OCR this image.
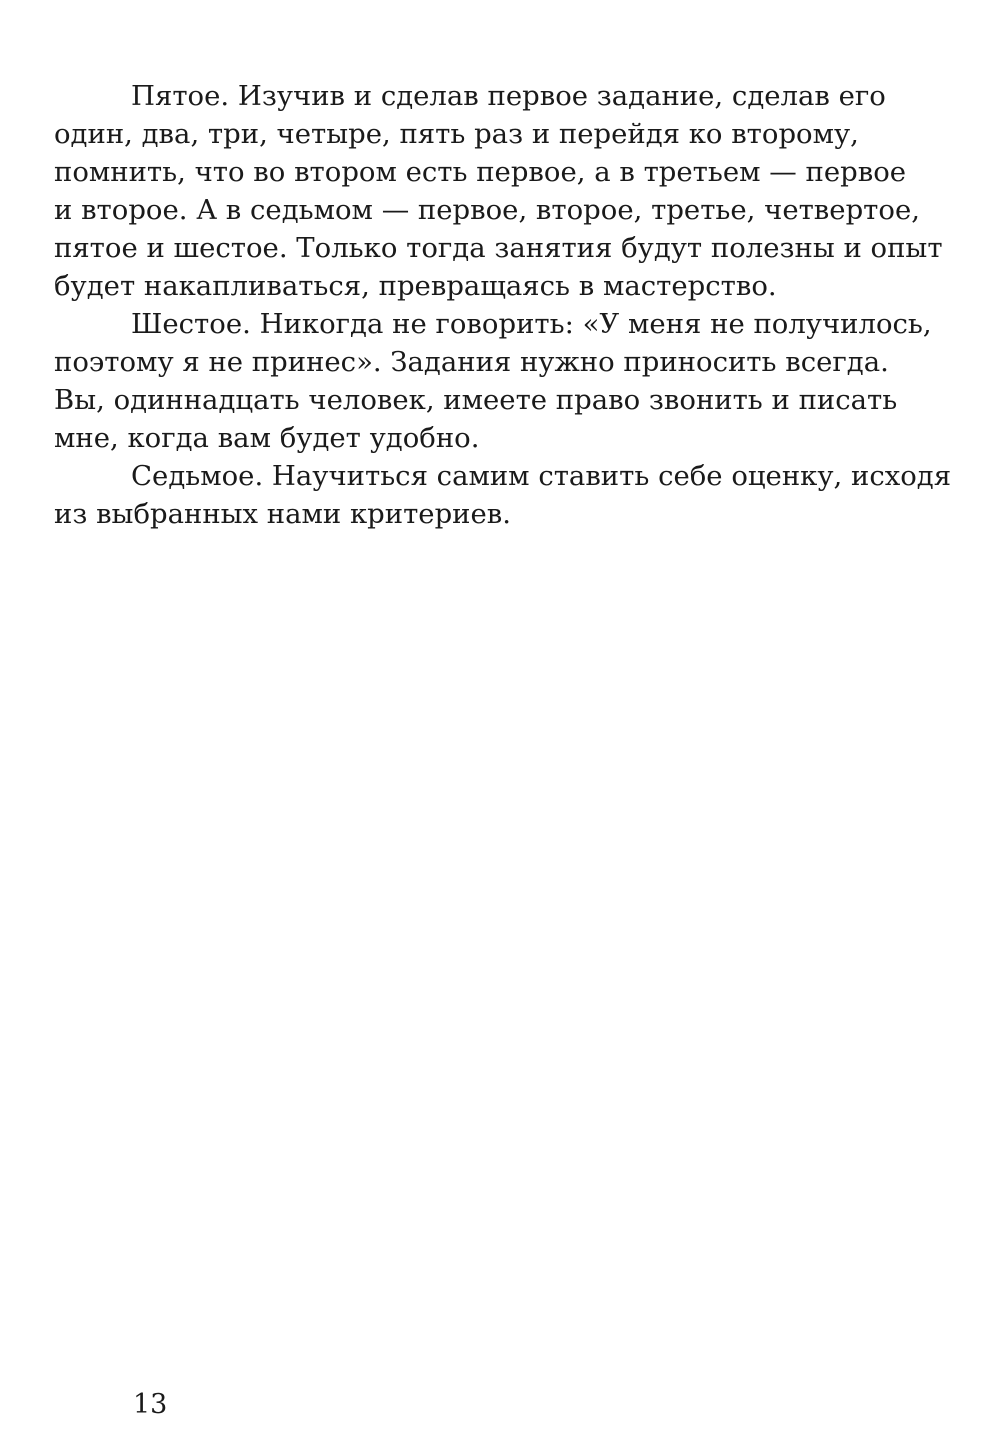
Пятое. Изучив и сделав первое задание, сделав его
один, два, три, четыре, пять раз и перейдя ко второму,
помнить, что во втором есть первое, а в третьем — первое
и второе. А в седьмом — первое, второе, третье, четвертое,
пятое и шестое. Только тогда занятия будут полезны и опыт
будет накапливаться, превращаясь в мастерство.
Шестое. Никогда не говорить: «У меня не получилось,
поэтому я не принес». Задания нужно приносить всегда.
Вы, одиннадцать человек, имеете право звонить и писать
мне, когда вам будет удобно.
Седьмое. Научиться самим ставить себе оценку, исходя
из выбранных нами критериев.
13
